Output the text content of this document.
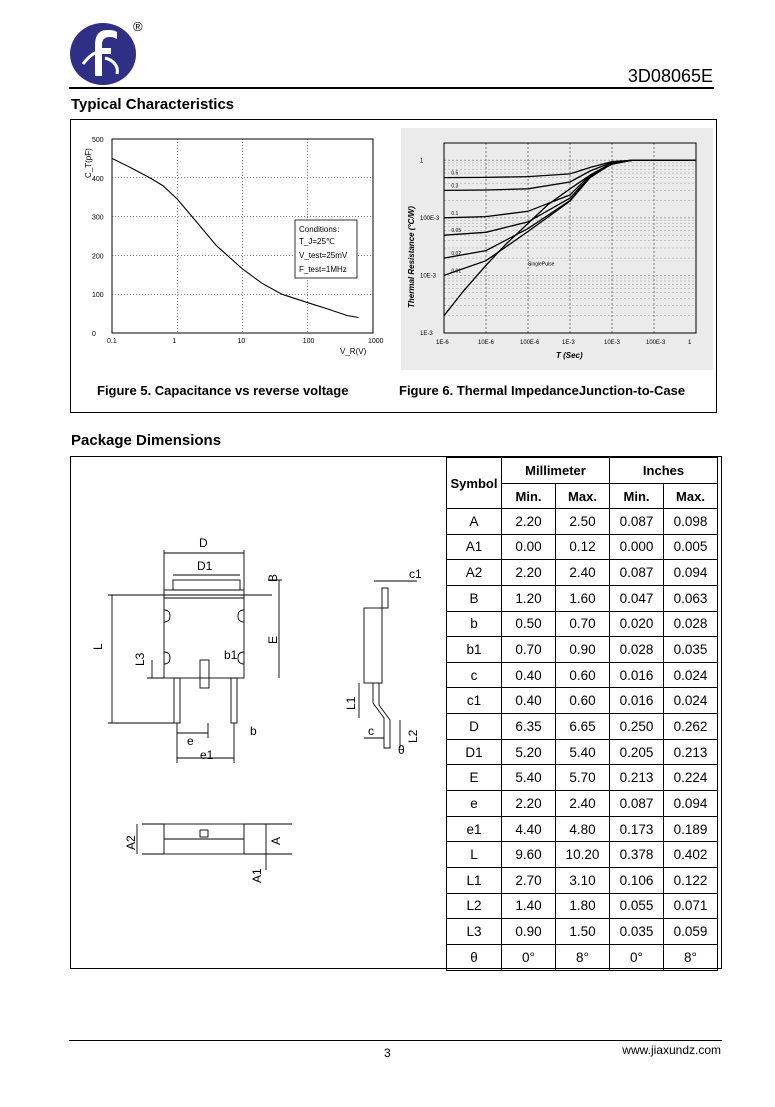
®
3D08065E
Typical Characteristics
0.1	1	10	100	1000
0
100
200
300
400
500
Conditions：
T_J=25℃
V_test=25mV
F_test=1MHz
C_T(pF)
V_R(V)
1E-6	10E-6	100E-6	1E-3	10E-3	100E-3	1
1E-3
10E-3
100E-3
1
0.5
0.3
0.1
0.05
0.02
0.01
SinglePulse
Thermal Resistance (°C/W)
T (Sec)
Figure 5. Capacitance vs reverse voltage	Figure 6. Thermal ImpedanceJunction-to-Case
Package Dimensions
D
D1
B
E
L
L3	b1
e
e1
b
c1
L1
L2
c
θ
A2	A
A1
Symbol	Millimeter		Inches	
	Min.	Max.	Min.	Max.
A	2.20	2.50	0.087	0.098
A1	0.00	0.12	0.000	0.005
A2	2.20	2.40	0.087	0.094
B	1.20	1.60	0.047	0.063
b	0.50	0.70	0.020	0.028
b1	0.70	0.90	0.028	0.035
c	0.40	0.60	0.016	0.024
c1	0.40	0.60	0.016	0.024
D	6.35	6.65	0.250	0.262
D1	5.20	5.40	0.205	0.213
E	5.40	5.70	0.213	0.224
e	2.20	2.40	0.087	0.094
e1	4.40	4.80	0.173	0.189
L	9.60	10.20	0.378	0.402
L1	2.70	3.10	0.106	0.122
L2	1.40	1.80	0.055	0.071
L3	0.90	1.50	0.035	0.059
θ	0°	8°	0°	8°
3	www.jiaxundz.com
